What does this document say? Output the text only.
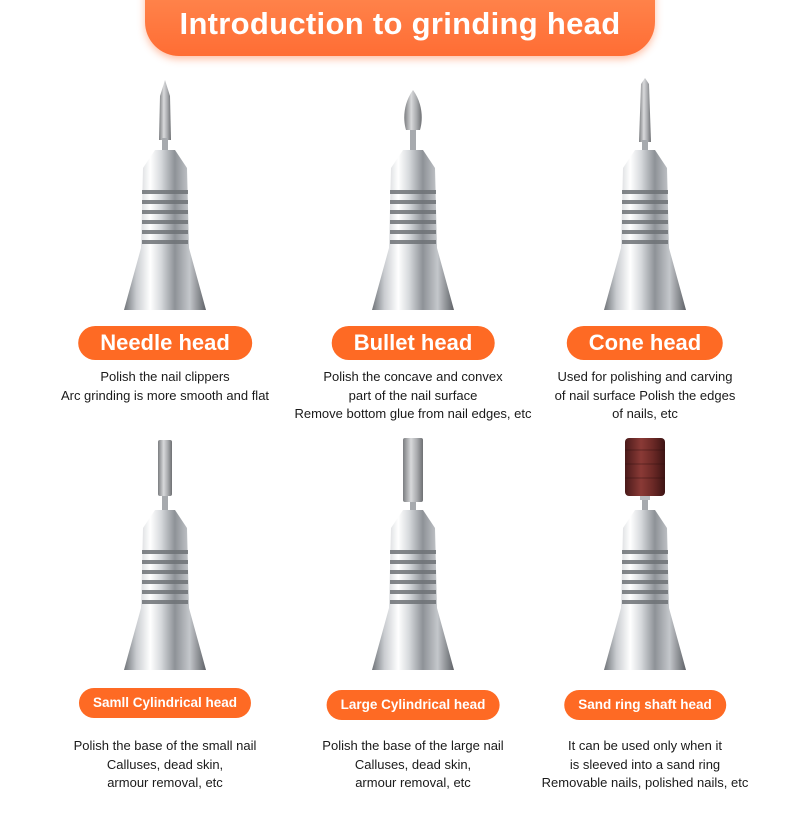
Introduction to grinding head
Needle head
Polish the nail clippers
Arc grinding is more smooth and flat
Bullet head
Polish the concave and convex
part of the nail surface
Remove bottom glue from nail edges, etc
Cone head
Used for polishing and carving
of nail surface Polish the edges
of nails, etc
Samll Cylindrical head
Polish the base of the small nail
Calluses, dead skin,
armour removal, etc
Large Cylindrical head
Polish the base of the large nail
Calluses, dead skin,
armour removal, etc
Sand ring shaft head
It can be used only when it
is sleeved into a sand ring
Removable nails, polished nails, etc
